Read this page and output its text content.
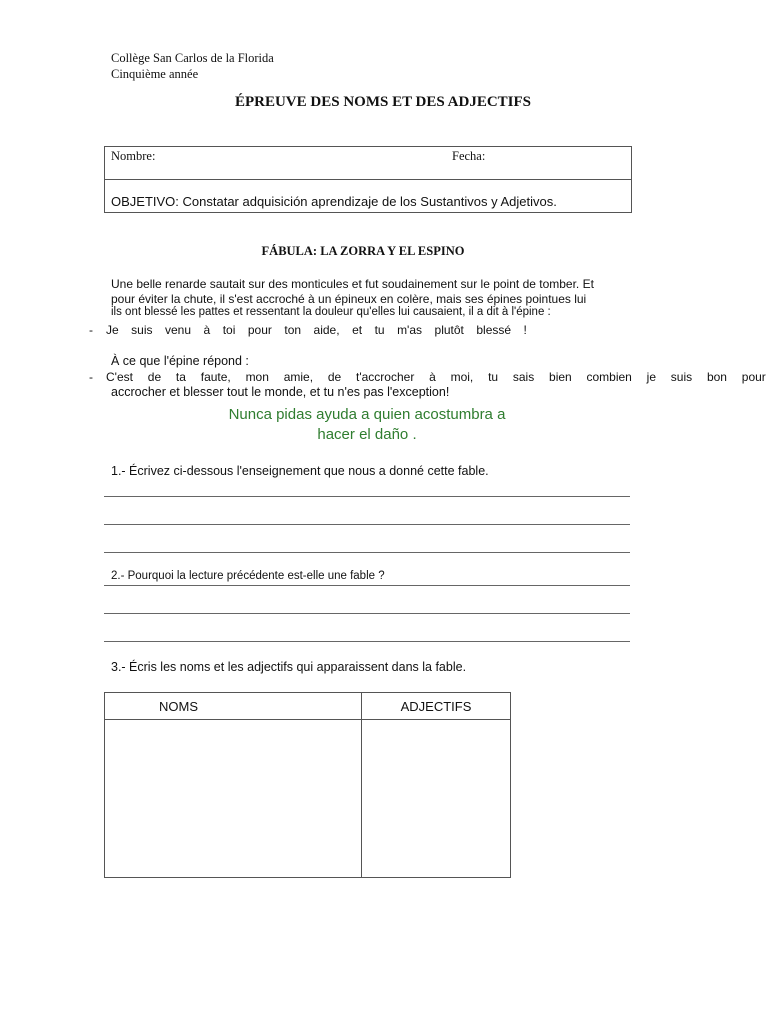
Collège San Carlos de la Florida
Cinquième année
ÉPREUVE DES NOMS ET DES ADJECTIFS
Nombre:	Fecha:
OBJETIVO: Constatar adquisición aprendizaje de los Sustantivos y Adjetivos.
FÁBULA: LA ZORRA Y EL ESPINO
Une belle renarde sautait sur des monticules et fut soudainement sur le point de tomber. Et
pour éviter la chute, il s'est accroché à un épineux en colère, mais ses épines pointues lui
ils ont blessé les pattes et ressentant la douleur qu'elles lui causaient, il a dit à l'épine :
- Je suis venu à toi pour ton aide, et tu m'as plutôt blessé !
À ce que l'épine répond :
- C'est de ta faute, mon amie, de t'accrocher à moi, tu sais bien combien je suis bon pour
accrocher et blesser tout le monde, et tu n'es pas l'exception!
Nunca pidas ayuda a quien acostumbra a
hacer el daño .
1.- Écrivez ci-dessous l'enseignement que nous a donné cette fable.
2.- Pourquoi la lecture précédente est-elle une fable ?
3.- Écris les noms et les adjectifs qui apparaissent dans la fable.
NOMS	ADJECTIFS
